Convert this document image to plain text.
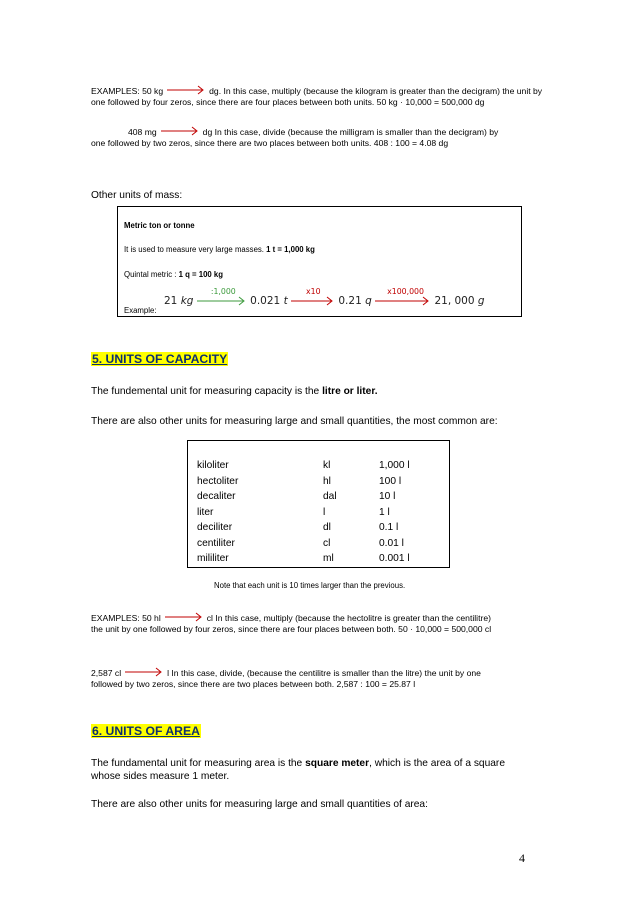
EXAMPLES: 50 kg	dg. In this case, multiply (because the kilogram is greater than the decigram) the unit by
one followed by four zeros, since there are four places between both units. 50 kg · 10,000 = 500,000 dg
408 mg	dg In this case, divide (because the milligram is smaller than the decigram) by
one followed by two zeros, since there are two places between both units. 408 : 100 = 4.08 dg
Other units of mass:
Metric ton or tonne
It is used to measure very large masses. 1 t = 1,000 kg
Quintal metric : 1 q = 100 kg
Example:
21 kg
:1,000
0.021 t
x10
0.21 q
x100,000
21, 000 g
5. UNITS OF CAPACITY
The fundemental unit for measuring capacity is the litre or liter.
There are also other units for measuring large and small quantities, the most common are:
kiloliter	kl	1,000 l
hectoliter	hl	100 l
decaliter	dal	10 l
liter	l	1 l
deciliter	dl	0.1 l
centiliter	cl	0.01 l
mililiter	ml	0.001 l
Note that each unit is 10 times larger than the previous.
EXAMPLES: 50 hl	cl In this case, multiply (because the hectolitre is greater than the centilitre)
the unit by one followed by four zeros, since there are four places between both. 50 · 10,000 = 500,000 cl
2,587 cl	l In this case, divide, (because the centilitre is smaller than the litre) the unit by one
followed by two zeros, since there are two places between both. 2,587 : 100 = 25.87 l
6. UNITS OF AREA
The fundamental unit for measuring area is the square meter, which is the area of a square
whose sides measure 1 meter.
There are also other units for measuring large and small quantities of area:
4
